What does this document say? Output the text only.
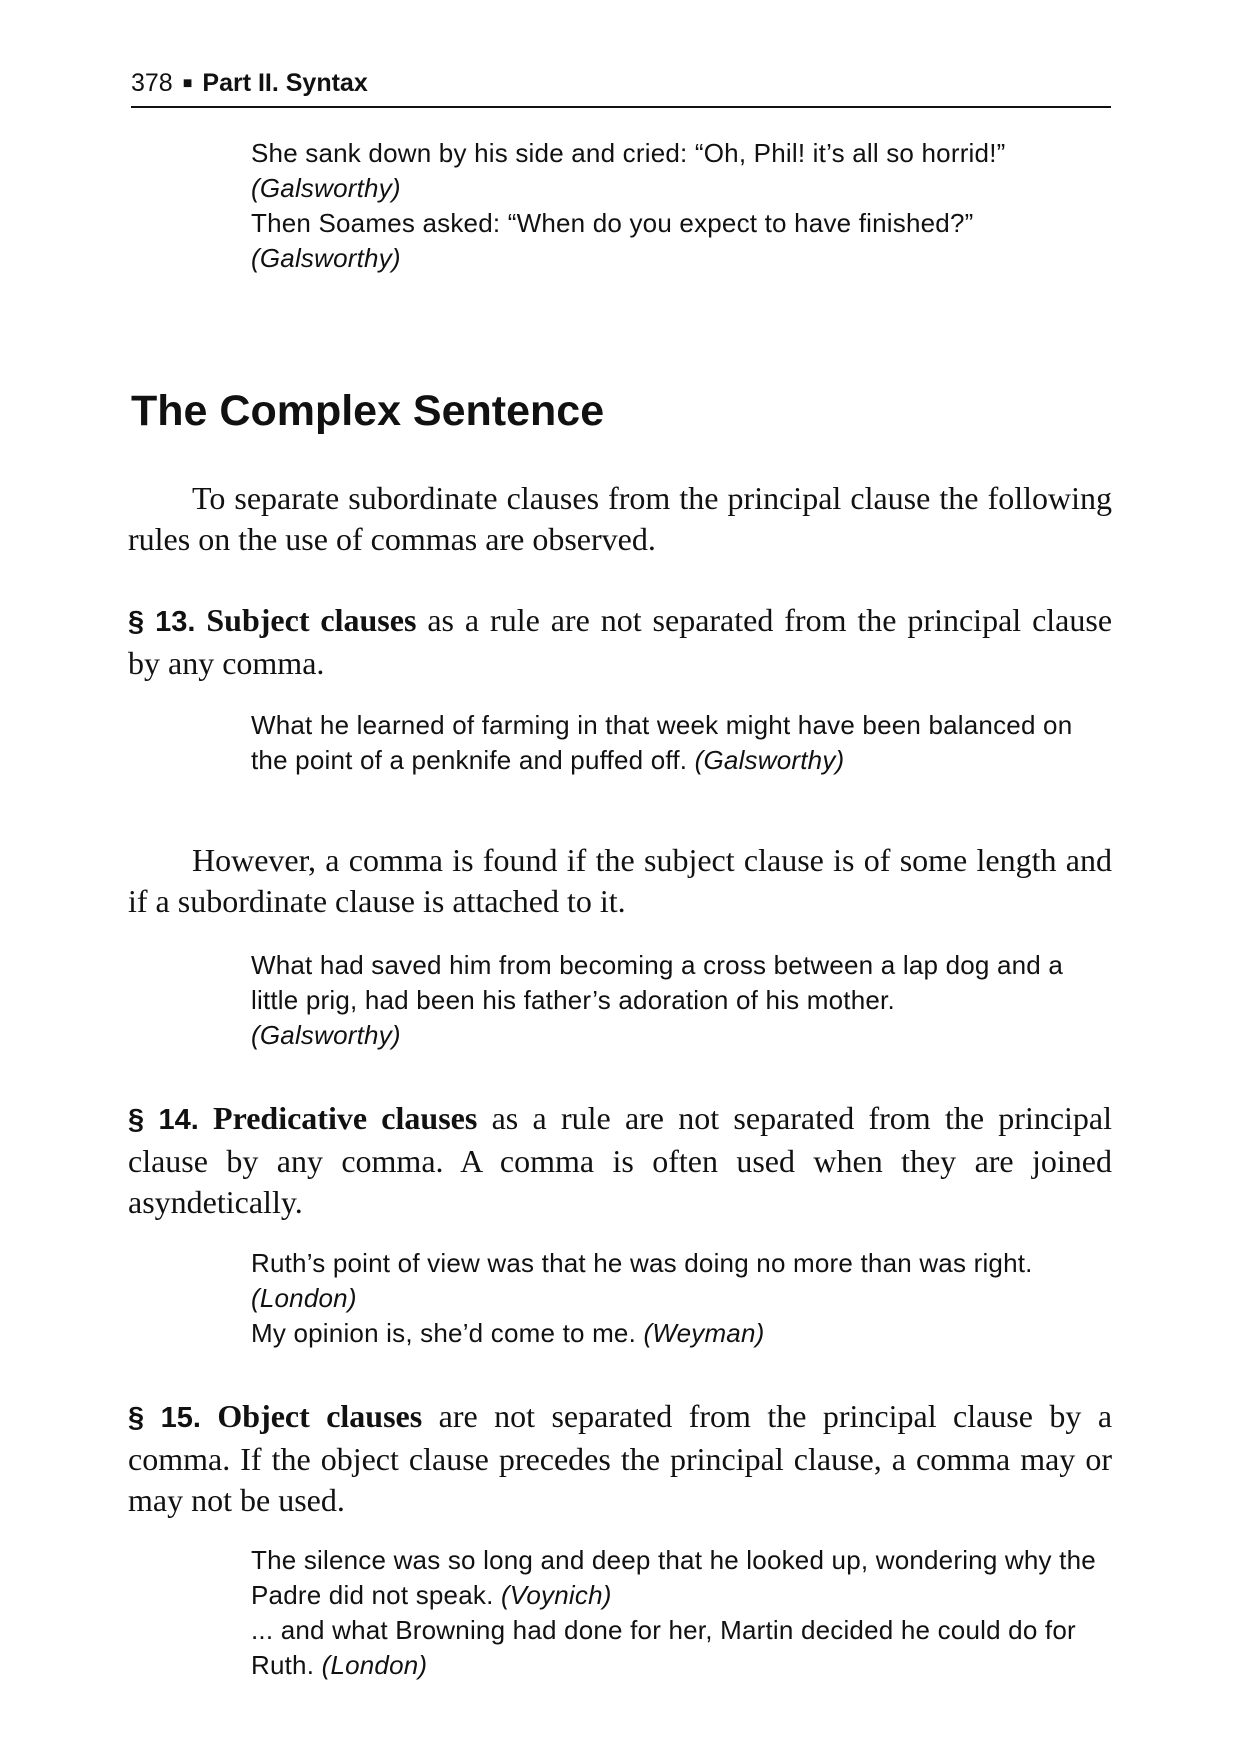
378 ■ Part II. Syntax

She sank down by his side and cried: “Oh, Phil! it’s all so horrid!”
(Galsworthy)

Then Soames asked: “When do you expect to have finished?”
(Galsworthy)

The Complex Sentence

To separate subordinate clauses from the principal clause the following rules on the use of commas are observed.

§ 13. Subject clauses as a rule are not separated from the principal clause by any comma.

What he learned of farming in that week might have been balanced on the point of a penknife and puffed off. (Galsworthy)

However, a comma is found if the subject clause is of some length and if a subordinate clause is attached to it.

What had saved him from becoming a cross between a lap dog and a little prig, had been his father’s adoration of his mother.
(Galsworthy)

§ 14. Predicative clauses as a rule are not separated from the principal clause by any comma. A comma is often used when they are joined asyndetically.

Ruth’s point of view was that he was doing no more than was right. (London)

My opinion is, she’d come to me. (Weyman)

§ 15. Object clauses are not separated from the principal clause by a comma. If the object clause precedes the principal clause, a comma may or may not be used.

The silence was so long and deep that he looked up, wondering why the Padre did not speak. (Voynich)

... and what Browning had done for her, Martin decided he could do for Ruth. (London)
